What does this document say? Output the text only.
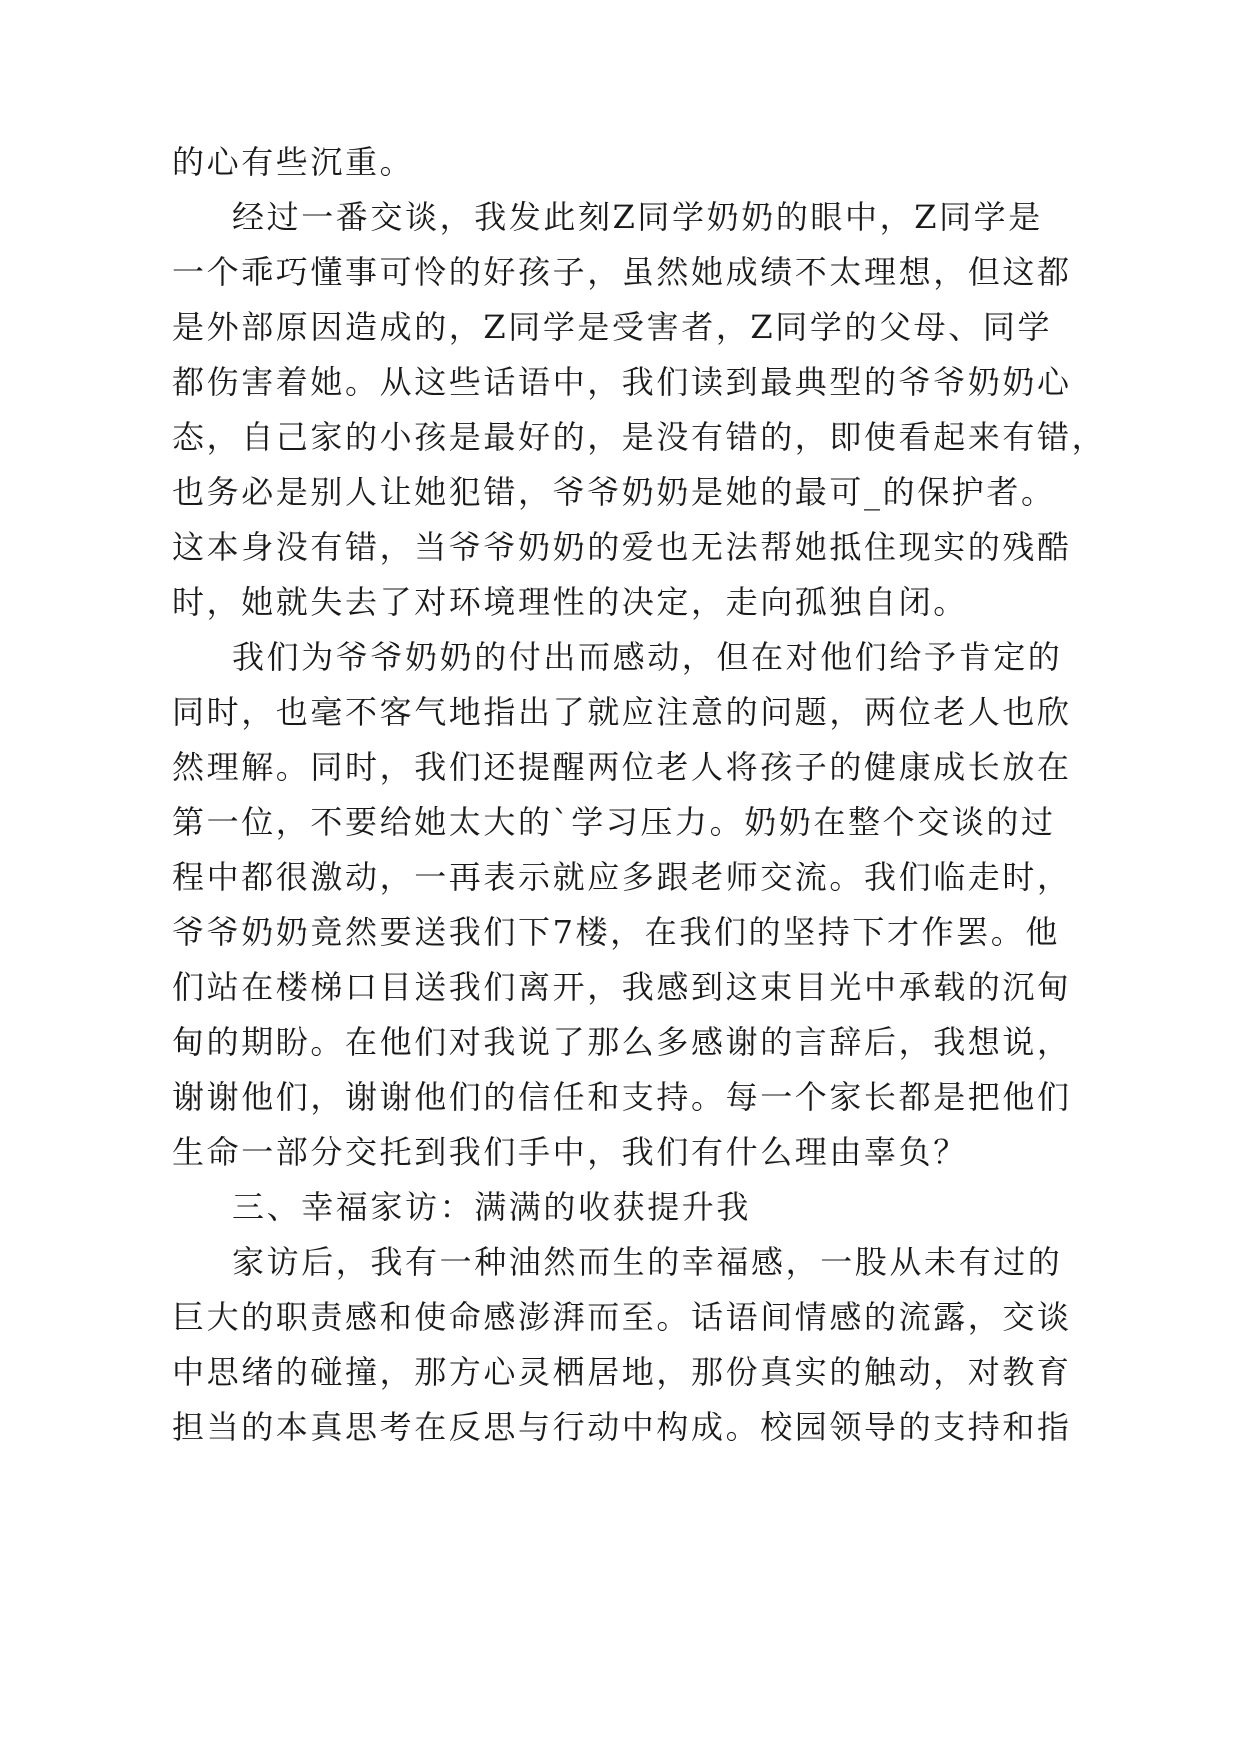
的心有些沉重。
经过一番交谈，我发此刻Z同学奶奶的眼中，Z同学是
一个乖巧懂事可怜的好孩子，虽然她成绩不太理想，但这都
是外部原因造成的，Z同学是受害者，Z同学的父母、同学
都伤害着她。从这些话语中，我们读到最典型的爷爷奶奶心
态，自己家的小孩是最好的，是没有错的，即使看起来有错，
也务必是别人让她犯错，爷爷奶奶是她的最可_的保护者。
这本身没有错，当爷爷奶奶的爱也无法帮她抵住现实的残酷
时，她就失去了对环境理性的决定，走向孤独自闭。
我们为爷爷奶奶的付出而感动，但在对他们给予肯定的
同时，也毫不客气地指出了就应注意的问题，两位老人也欣
然理解。同时，我们还提醒两位老人将孩子的健康成长放在
第一位，不要给她太大的`学习压力。奶奶在整个交谈的过
程中都很激动，一再表示就应多跟老师交流。我们临走时，
爷爷奶奶竟然要送我们下7楼，在我们的坚持下才作罢。他
们站在楼梯口目送我们离开，我感到这束目光中承载的沉甸
甸的期盼。在他们对我说了那么多感谢的言辞后，我想说，
谢谢他们，谢谢他们的信任和支持。每一个家长都是把他们
生命一部分交托到我们手中，我们有什么理由辜负？
三、幸福家访：满满的收获提升我
家访后，我有一种油然而生的幸福感，一股从未有过的
巨大的职责感和使命感澎湃而至。话语间情感的流露，交谈
中思绪的碰撞，那方心灵栖居地，那份真实的触动，对教育
担当的本真思考在反思与行动中构成。校园领导的支持和指
